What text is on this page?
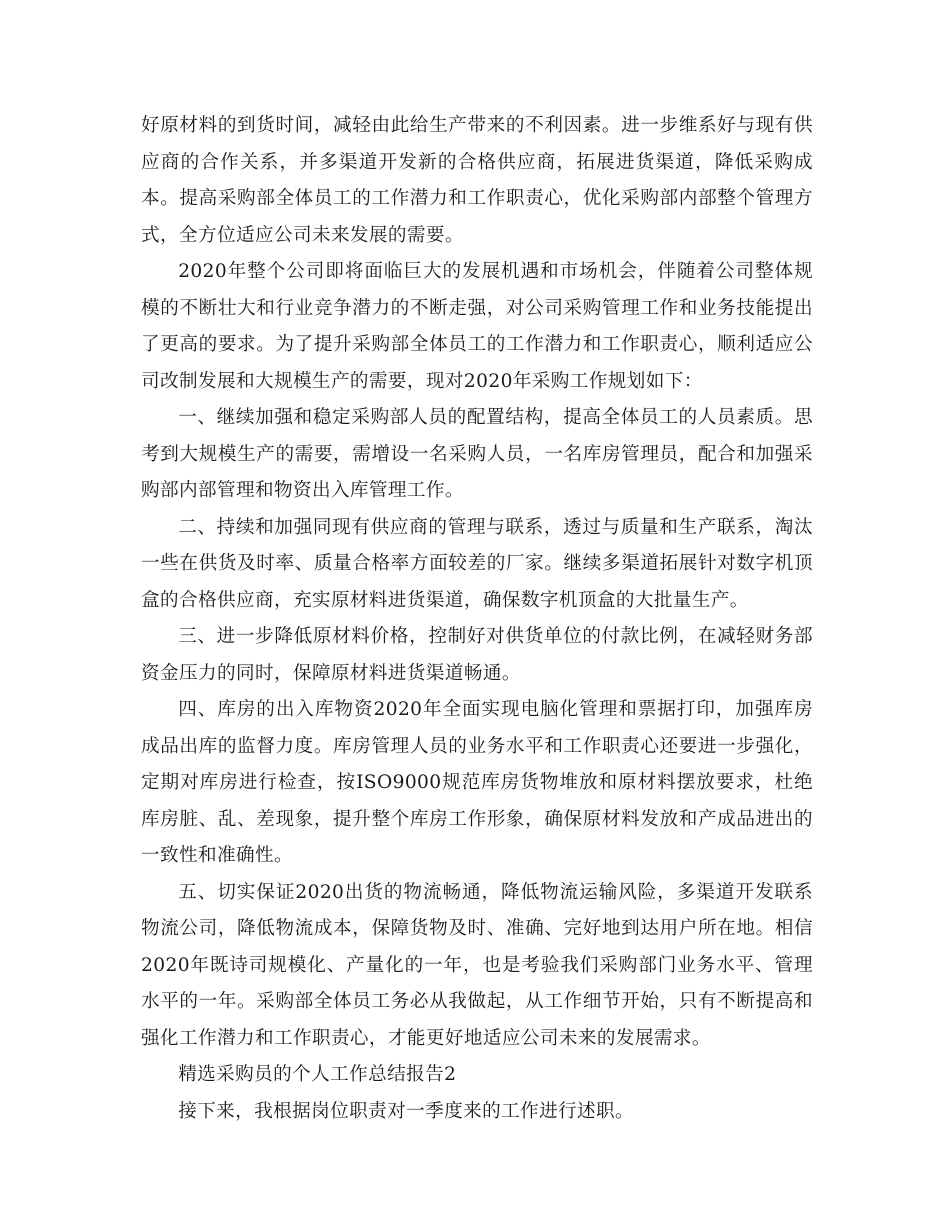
好原材料的到货时间，减轻由此给生产带来的不利因素。进一步维系好与现有供应商的合作关系，并多渠道开发新的合格供应商，拓展进货渠道，降低采购成本。提高采购部全体员工的工作潜力和工作职责心，优化采购部内部整个管理方式，全方位适应公司未来发展的需要。

2020年整个公司即将面临巨大的发展机遇和市场机会，伴随着公司整体规模的不断壮大和行业竞争潜力的不断走强，对公司采购管理工作和业务技能提出了更高的要求。为了提升采购部全体员工的工作潜力和工作职责心，顺利适应公司改制发展和大规模生产的需要，现对2020年采购工作规划如下：

一、继续加强和稳定采购部人员的配置结构，提高全体员工的人员素质。思考到大规模生产的需要，需增设一名采购人员，一名库房管理员，配合和加强采购部内部管理和物资出入库管理工作。

二、持续和加强同现有供应商的管理与联系，透过与质量和生产联系，淘汰一些在供货及时率、质量合格率方面较差的厂家。继续多渠道拓展针对数字机顶盒的合格供应商，充实原材料进货渠道，确保数字机顶盒的大批量生产。

三、进一步降低原材料价格，控制好对供货单位的付款比例，在减轻财务部资金压力的同时，保障原材料进货渠道畅通。

四、库房的出入库物资2020年全面实现电脑化管理和票据打印，加强库房成品出库的监督力度。库房管理人员的业务水平和工作职责心还要进一步强化，定期对库房进行检查，按ISO9000规范库房货物堆放和原材料摆放要求，杜绝库房脏、乱、差现象，提升整个库房工作形象，确保原材料发放和产成品进出的一致性和准确性。

五、切实保证2020出货的物流畅通，降低物流运输风险，多渠道开发联系物流公司，降低物流成本，保障货物及时、准确、完好地到达用户所在地。相信2020年既诗司规模化、产量化的一年，也是考验我们采购部门业务水平、管理水平的一年。采购部全体员工务必从我做起，从工作细节开始，只有不断提高和强化工作潜力和工作职责心，才能更好地适应公司未来的发展需求。

精选采购员的个人工作总结报告2

接下来，我根据岗位职责对一季度来的工作进行述职。
